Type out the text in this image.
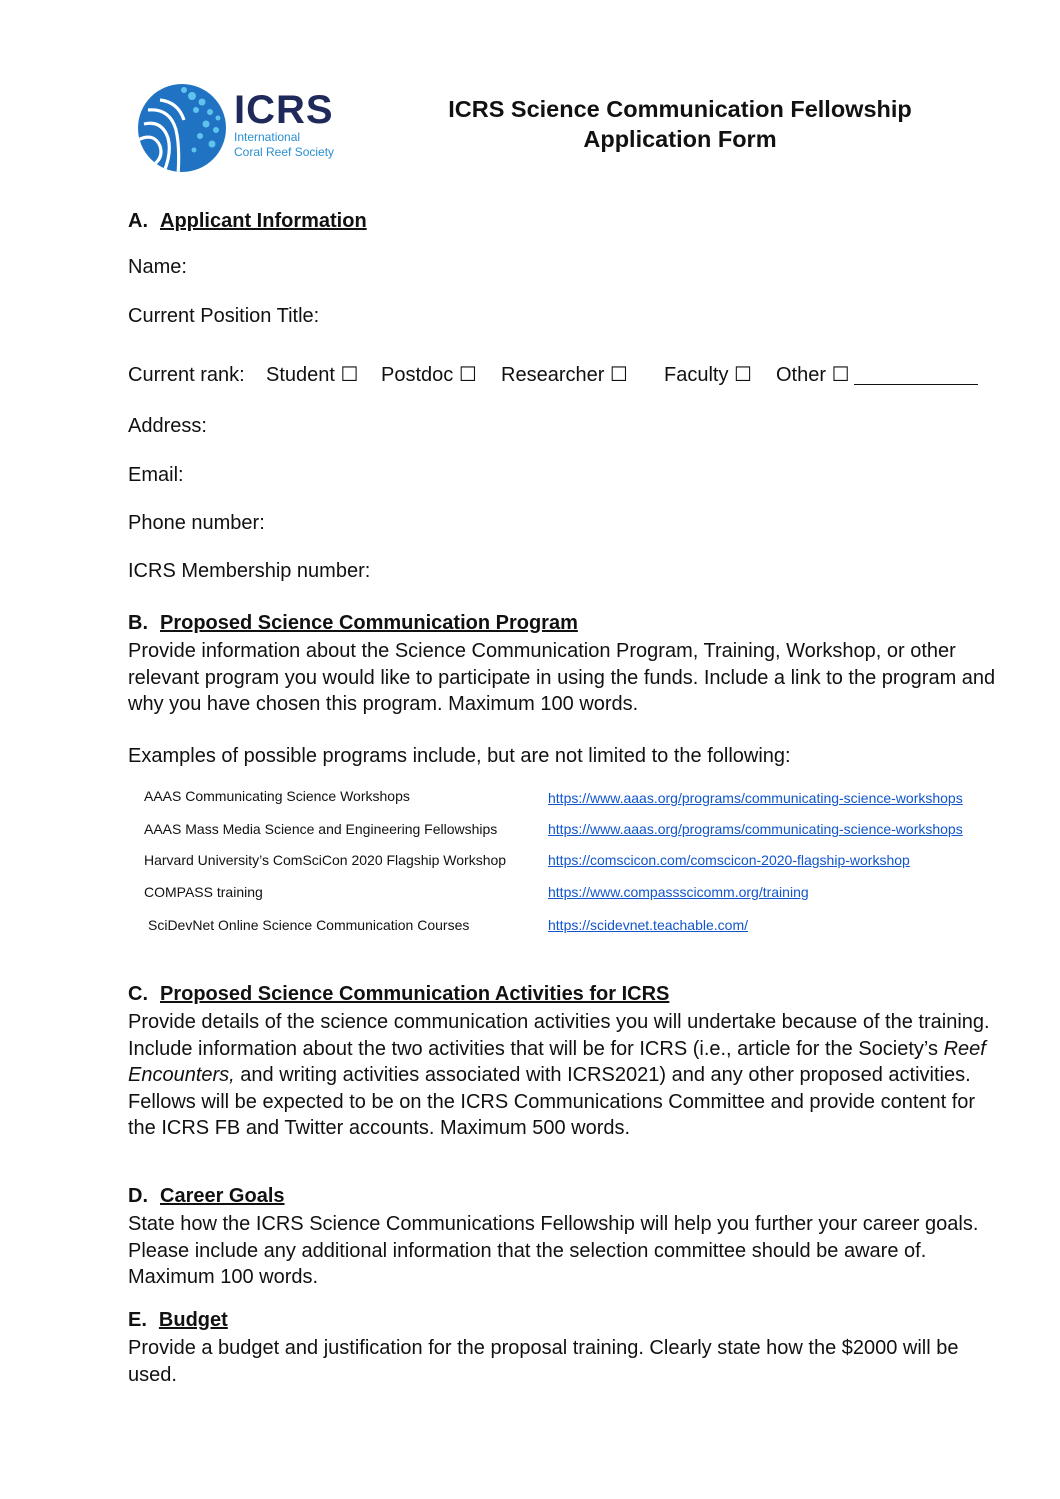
ICRS
International
Coral Reef Society
ICRS Science Communication Fellowship
Application Form
A. Applicant Information
Name:
Current Position Title:
Current rank: Student ☐ Postdoc ☐ Researcher ☐ Faculty ☐ Other ☐
Address:
Email:
Phone number:
ICRS Membership number:
B. Proposed Science Communication Program
Provide information about the Science Communication Program, Training, Workshop, or other relevant program you would like to participate in using the funds. Include a link to the program and why you have chosen this program. Maximum 100 words.
Examples of possible programs include, but are not limited to the following:
AAAS Communicating Science Workshops	https://www.aaas.org/programs/communicating-science-workshops
AAAS Mass Media Science and Engineering Fellowships	https://www.aaas.org/programs/communicating-science-workshops
Harvard University’s ComSciCon 2020 Flagship Workshop	https://comscicon.com/comscicon-2020-flagship-workshop
COMPASS training	https://www.compassscicomm.org/training
SciDevNet Online Science Communication Courses	https://scidevnet.teachable.com/
C. Proposed Science Communication Activities for ICRS
Provide details of the science communication activities you will undertake because of the training. Include information about the two activities that will be for ICRS (i.e., article for the Society’s Reef Encounters, and writing activities associated with ICRS2021) and any other proposed activities. Fellows will be expected to be on the ICRS Communications Committee and provide content for the ICRS FB and Twitter accounts. Maximum 500 words.
D. Career Goals
State how the ICRS Science Communications Fellowship will help you further your career goals. Please include any additional information that the selection committee should be aware of. Maximum 100 words.
E. Budget
Provide a budget and justification for the proposal training. Clearly state how the $2000 will be used.
